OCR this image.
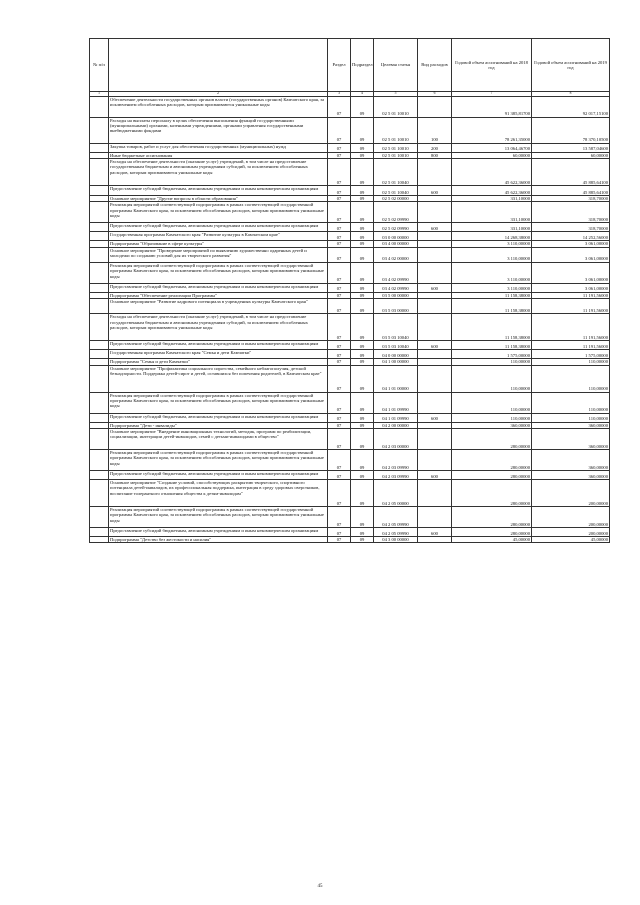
№ п/п		Раздел	Подраздел	Целевая статья	Вид расходов	Годовой объем ассигнований на 2018 год	Годовой объем ассигнований на 2019 год
1	2	3	4	5	6	7	8
	Обеспечение деятельности государственных органов власти (государственных органов) Камчатского края, за исключением обособленных расходов, которым присваиваются уникальные коды	07	09	02 5 01 10010		91 385,81700	92 017,15100
	Расходы на выплаты персоналу в целях обеспечения выполнения функций государственными (муниципальными) органами, казенными учреждениями, органами управления государственными внебюджетными фондами	07	09	02 5 01 10010	100	78 261,35000	78 370,10500
	Закупка товаров, работ и услуг для обеспечения государственных (муниципальных) нужд	07	09	02 5 01 10010	200	13 064,46700	13 587,04600
	Иные бюджетные ассигнования	07	09	02 5 01 10010	800	60,00000	60,00000
	Расходы на обеспечение деятельности (оказание услуг) учреждений, в том числе на предоставление государственным бюджетным и автономным учреждениям субсидий, за исключением обособленных расходов, которым присваиваются уникальные коды	07	09	02 5 01 10040		45 622,36000	45 885,64100
	Предоставление субсидий бюджетным, автономным учреждениям и иным некоммерческим организациям	07	09	02 5 01 10040	600	45 622,36000	45 885,64100
	Основное мероприятие "Другие вопросы в области образования"	07	09	02 5 02 00000		331,10000	318,70000
	Реализация мероприятий соответствующей подпрограммы в рамках соответствующей государственной программы Камчатского края, за исключением обособленных расходов, которым присваиваются уникальные коды	07	09	02 5 02 09990		331,10000	318,70000
	Предоставление субсидий бюджетным, автономным учреждениям и иным некоммерческим организациям	07	09	02 5 02 09990	600	331,10000	318,70000
	Государственная программа Камчатского края "Развитие культуры в Камчатском крае"	07	09	03 0 00 00000		14 268,38000	14 252,56000
	Подпрограмма "Образование в сфере культуры"	07	09	03 4 00 00000		3 110,00000	3 061,00000
	Основное мероприятие "Проведение мероприятий по выявлению художественно одаренных детей и молодежи по созданию условий для их творческого развития"	07	09	03 4 02 00000		3 110,00000	3 061,00000
	Реализация мероприятий соответствующей подпрограммы в рамках соответствующей государственной программы Камчатского края, за исключением обособленных расходов, которым присваиваются уникальные коды	07	09	03 4 02 09990		3 110,00000	3 061,00000
	Предоставление субсидий бюджетным, автономным учреждениям и иным некоммерческим организациям	07	09	03 4 02 09990	600	3 110,00000	3 061,00000
	Подпрограмма "Обеспечение реализации Программы"	07	09	03 5 00 00000		11 158,38000	11 191,56000
	Основное мероприятие "Развитие кадрового потенциала в учреждениях культуры Камчатского края"	07	09	03 5 03 00000		11 158,38000	11 191,56000
	Расходы на обеспечение деятельности (оказание услуг) учреждений, в том числе на предоставление государственным бюджетным и автономным учреждениям субсидий, за исключением обособленных расходов, которым присваиваются уникальные коды	07	09	03 5 03 10040		11 158,38000	11 191,56000
	Предоставление субсидий бюджетным, автономным учреждениям и иным некоммерческим организациям	07	09	03 5 03 10040	600	11 158,38000	11 191,56000
	Государственная программа Камчатского края "Семья и дети Камчатки"	07	09	04 0 00 00000		1 575,00000	1 575,00000
	Подпрограмма "Семья и дети Камчатки"	07	09	04 1 00 00000		110,00000	110,00000
	Основное мероприятие "Профилактика социального сиротства, семейного неблагополучия, детской безнадзорности. Поддержка детей-сирот и детей, оставшихся без попечения родителей, в Камчатском крае"	07	09	04 1 01 00000		110,00000	110,00000
	Реализация мероприятий соответствующей подпрограммы в рамках соответствующей государственной программы Камчатского края, за исключением обособленных расходов, которым присваиваются уникальные коды	07	09	04 1 01 09990		110,00000	110,00000
	Предоставление субсидий бюджетным, автономным учреждениям и иным некоммерческим организациям	07	09	04 1 01 09990	600	110,00000	110,00000
	Подпрограмма "Дети - инвалиды"	07	09	04 2 00 00000		360,00000	360,00000
	Основное мероприятие "Внедрение инновационных технологий, методик, программ по реабилитации, социализации, интеграции детей-инвалидов, семей с детьми-инвалидами в общество"	07	09	04 2 03 00000		280,00000	360,00000
	Реализация мероприятий соответствующей подпрограммы в рамках соответствующей государственной программы Камчатского края, за исключением обособленных расходов, которым присваиваются уникальные коды	07	09	04 2 03 09990		280,00000	360,00000
	Предоставление субсидий бюджетным, автономным учреждениям и иным некоммерческим организациям	07	09	04 2 03 09990	600	280,00000	360,00000
	Основное мероприятие "Создание условий, способствующих раскрытию творческого, спортивного потенциала детей-инвалидов, их профессиональная поддержка, интеграция в среду здоровых сверстников, воспитание толерантного отношения общества к детям-инвалидам"	07	09	04 2 05 00000		280,00000	200,00000
	Реализация мероприятий соответствующей подпрограммы в рамках соответствующей государственной программы Камчатского края, за исключением обособленных расходов, которым присваиваются уникальные коды	07	09	04 2 05 09990		280,00000	200,00000
	Предоставление субсидий бюджетным, автономным учреждениям и иным некоммерческим организациям	07	09	04 2 05 09990	600	280,00000	200,00000
	Подпрограмма "Детство без жестокости и насилия"	07	09	04 3 00 00000		45,00000	45,00000
45
